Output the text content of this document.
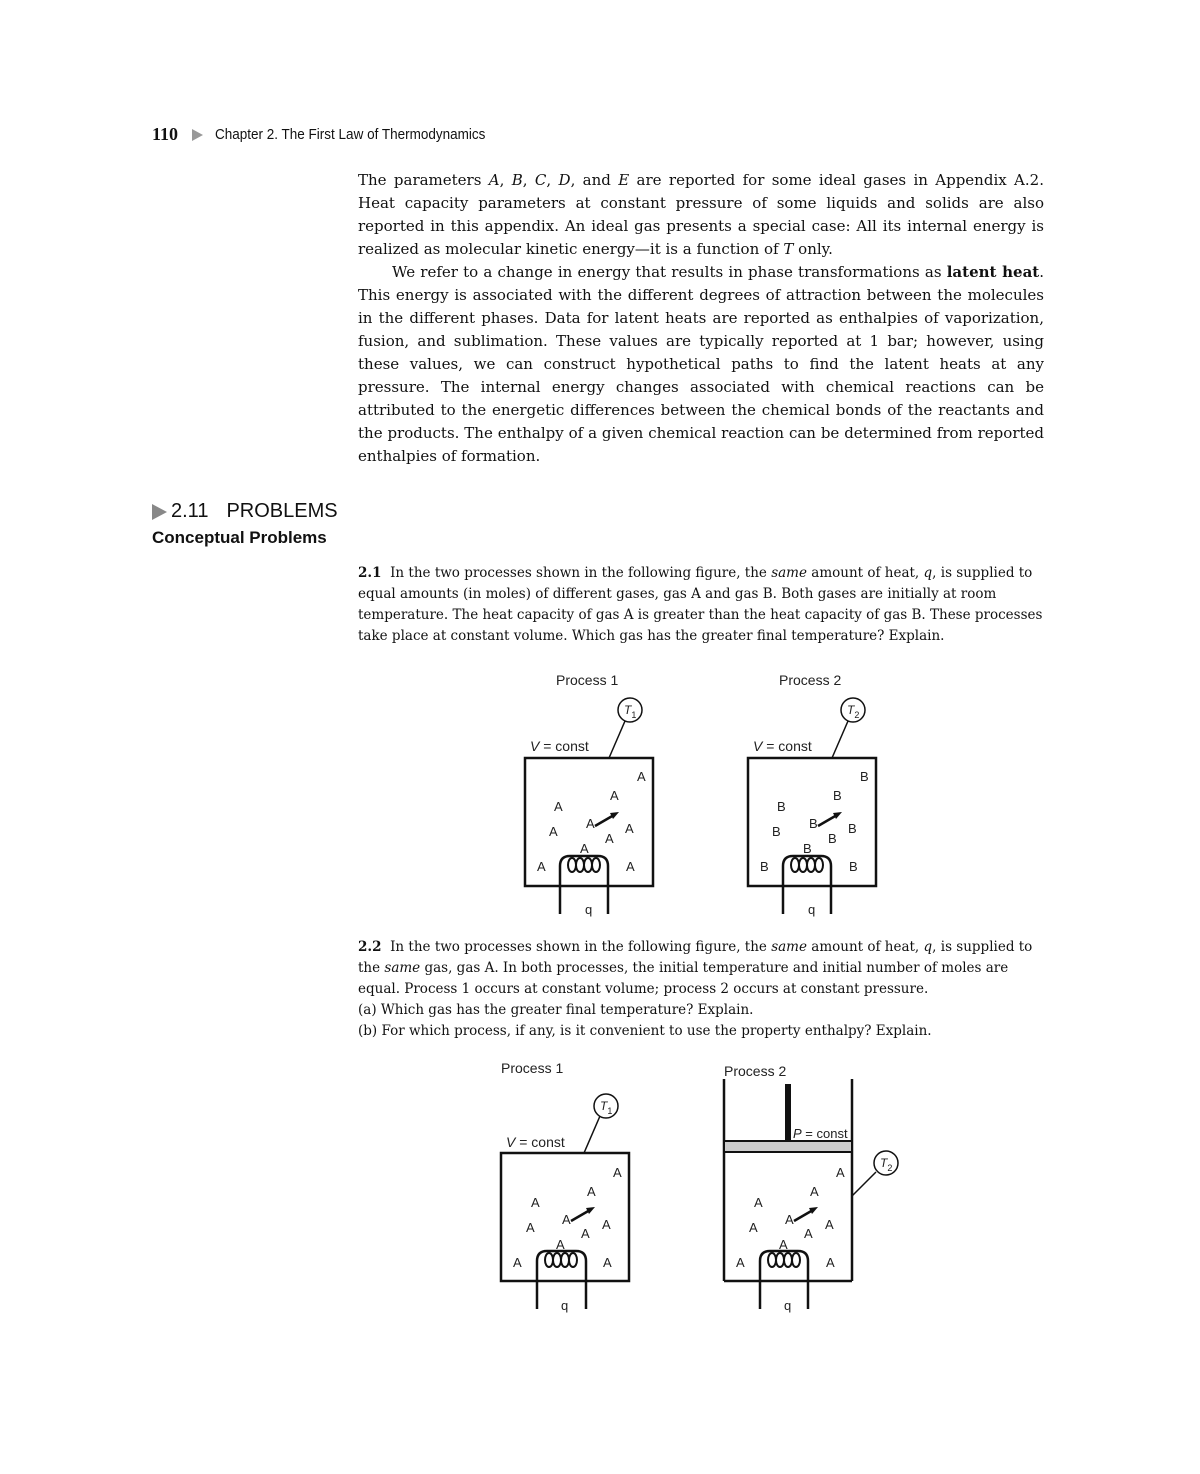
110 Chapter 2. The First Law of Thermodynamics

The parameters A, B, C, D, and E are reported for some ideal gases in Appendix A.2. Heat capacity parameters at constant pressure of some liquids and solids are also reported in this appendix. An ideal gas presents a special case: All its internal energy is realized as molecular kinetic energy—it is a function of T only.

We refer to a change in energy that results in phase transformations as latent heat. This energy is associated with the different degrees of attraction between the molecules in the different phases. Data for latent heats are reported as enthalpies of vaporization, fusion, and sublimation. These values are typically reported at 1 bar; however, using these values, we can construct hypothetical paths to find the latent heats at any pressure. The internal energy changes associated with chemical reactions can be attributed to the energetic differences between the chemical bonds of the reactants and the products. The enthalpy of a given chemical reaction can be determined from reported enthalpies of formation.

2.11 PROBLEMS
Conceptual Problems

2.1 In the two processes shown in the following figure, the same amount of heat, q, is supplied to equal amounts (in moles) of different gases, gas A and gas B. Both gases are initially at room temperature. The heat capacity of gas A is greater than the heat capacity of gas B. These processes take place at constant volume. Which gas has the greater final temperature? Explain.

Process 1	Process 2
V = const	V = const
$T_1$	$T_2$
q	q
A
A
A
A
A
A
A
A
A	A
B
B
B
B
B
B
B
B
B	B

2.2 In the two processes shown in the following figure, the same amount of heat, q, is supplied to the same gas, gas A. In both processes, the initial temperature and initial number of moles are equal. Process 1 occurs at constant volume; process 2 occurs at constant pressure.

(a) Which gas has the greater final temperature? Explain.

(b) For which process, if any, is it convenient to use the property enthalpy? Explain.

Process 1	Process 2
V = const
P = const
$T_1$
$T_2$
q	q
A
A
A
A
A
A
A
A
A	A
A
A
A
A
A
A
A
A
A	A
